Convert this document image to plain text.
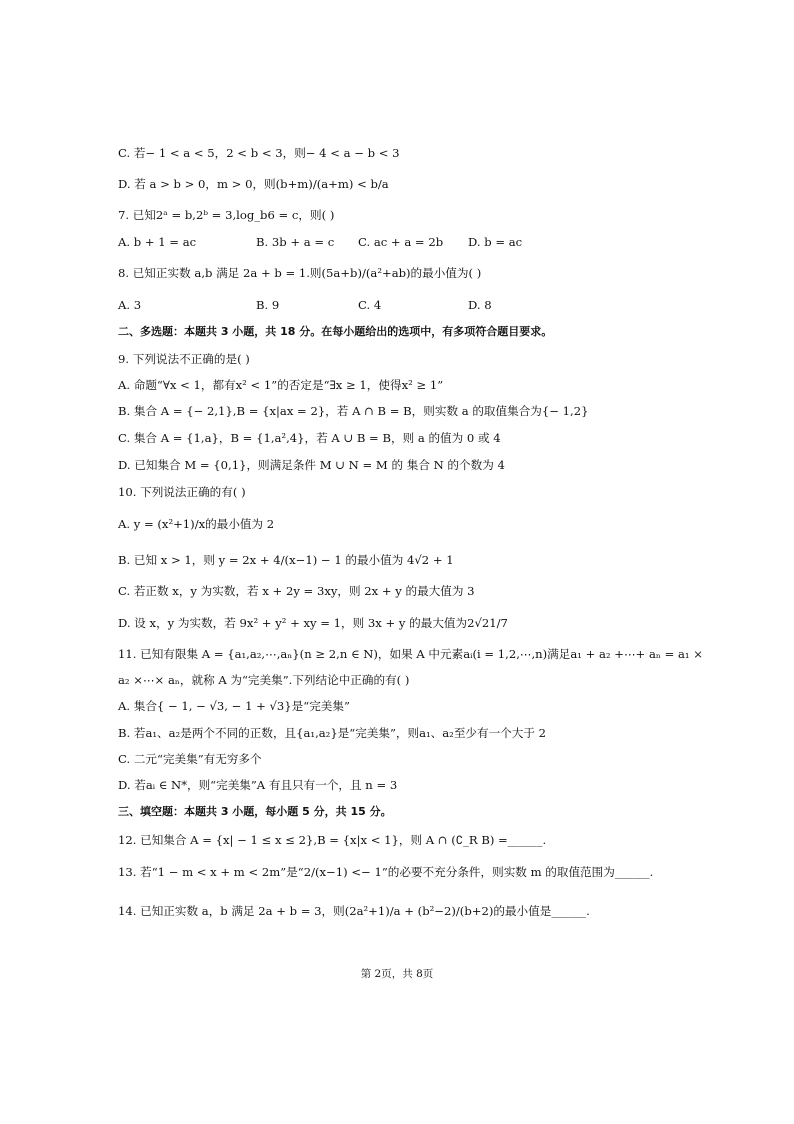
C. 若− 1 < a < 5，2 < b < 3，则− 4 < a − b < 3
D. 若 a > b > 0，m > 0，则(b+m)/(a+m) < b/a
7. 已知2ᵃ = b,2ᵇ = 3,log_b6 = c，则( )
A. b + 1 = ac	B. 3b + a = c C. ac + a = 2b D. b = ac
8. 已知正实数 a,b 满足 2a + b = 1.则(5a+b)/(a²+ab)的最小值为( )
A. 3	B. 9	C. 4	D. 8
二、多选题：本题共 3 小题，共 18 分。在每小题给出的选项中，有多项符合题目要求。
9. 下列说法不正确的是( )
A. 命题“∀x < 1，都有x² < 1”的否定是“∃x ≥ 1，使得x² ≥ 1”
B. 集合 A = {− 2,1},B = {x|ax = 2}，若 A ∩ B = B，则实数 a 的取值集合为{− 1,2}
C. 集合 A = {1,a}，B = {1,a²,4}，若 A ∪ B = B，则 a 的值为 0 或 4
D. 已知集合 M = {0,1}，则满足条件 M ∪ N = M 的 集合 N 的个数为 4
10. 下列说法正确的有( )
A. y = (x²+1)/x的最小值为 2
B. 已知 x > 1，则 y = 2x + 4/(x−1) − 1 的最小值为 4√2 + 1
C. 若正数 x，y 为实数，若 x + 2y = 3xy，则 2x + y 的最大值为 3
D. 设 x，y 为实数，若 9x² + y² + xy = 1，则 3x + y 的最大值为2√21/7
11. 已知有限集 A = {a₁,a₂,⋯,aₙ}(n ≥ 2,n ∈ N)，如果 A 中元素aᵢ(i = 1,2,⋯,n)满足a₁ + a₂ +⋯+ aₙ = a₁ ×
a₂ ×⋯× aₙ，就称 A 为“完美集”.下列结论中正确的有( )
A. 集合{ − 1, − √3, − 1 + √3}是“完美集”
B. 若a₁、a₂是两个不同的正数，且{a₁,a₂}是“完美集”，则a₁、a₂至少有一个大于 2
C. 二元“完美集”有无穷多个
D. 若aᵢ ∈ N*，则“完美集”A 有且只有一个，且 n = 3
三、填空题：本题共 3 小题，每小题 5 分，共 15 分。
12. 已知集合 A = {x| − 1 ≤ x ≤ 2},B = {x|x < 1}，则 A ∩ (∁_R B) =______.
13. 若“1 − m < x + m < 2m”是“2/(x−1) <− 1”的必要不充分条件，则实数 m 的取值范围为______.
14. 已知正实数 a，b 满足 2a + b = 3，则(2a²+1)/a + (b²−2)/(b+2)的最小值是______.
第 2页，共 8页
